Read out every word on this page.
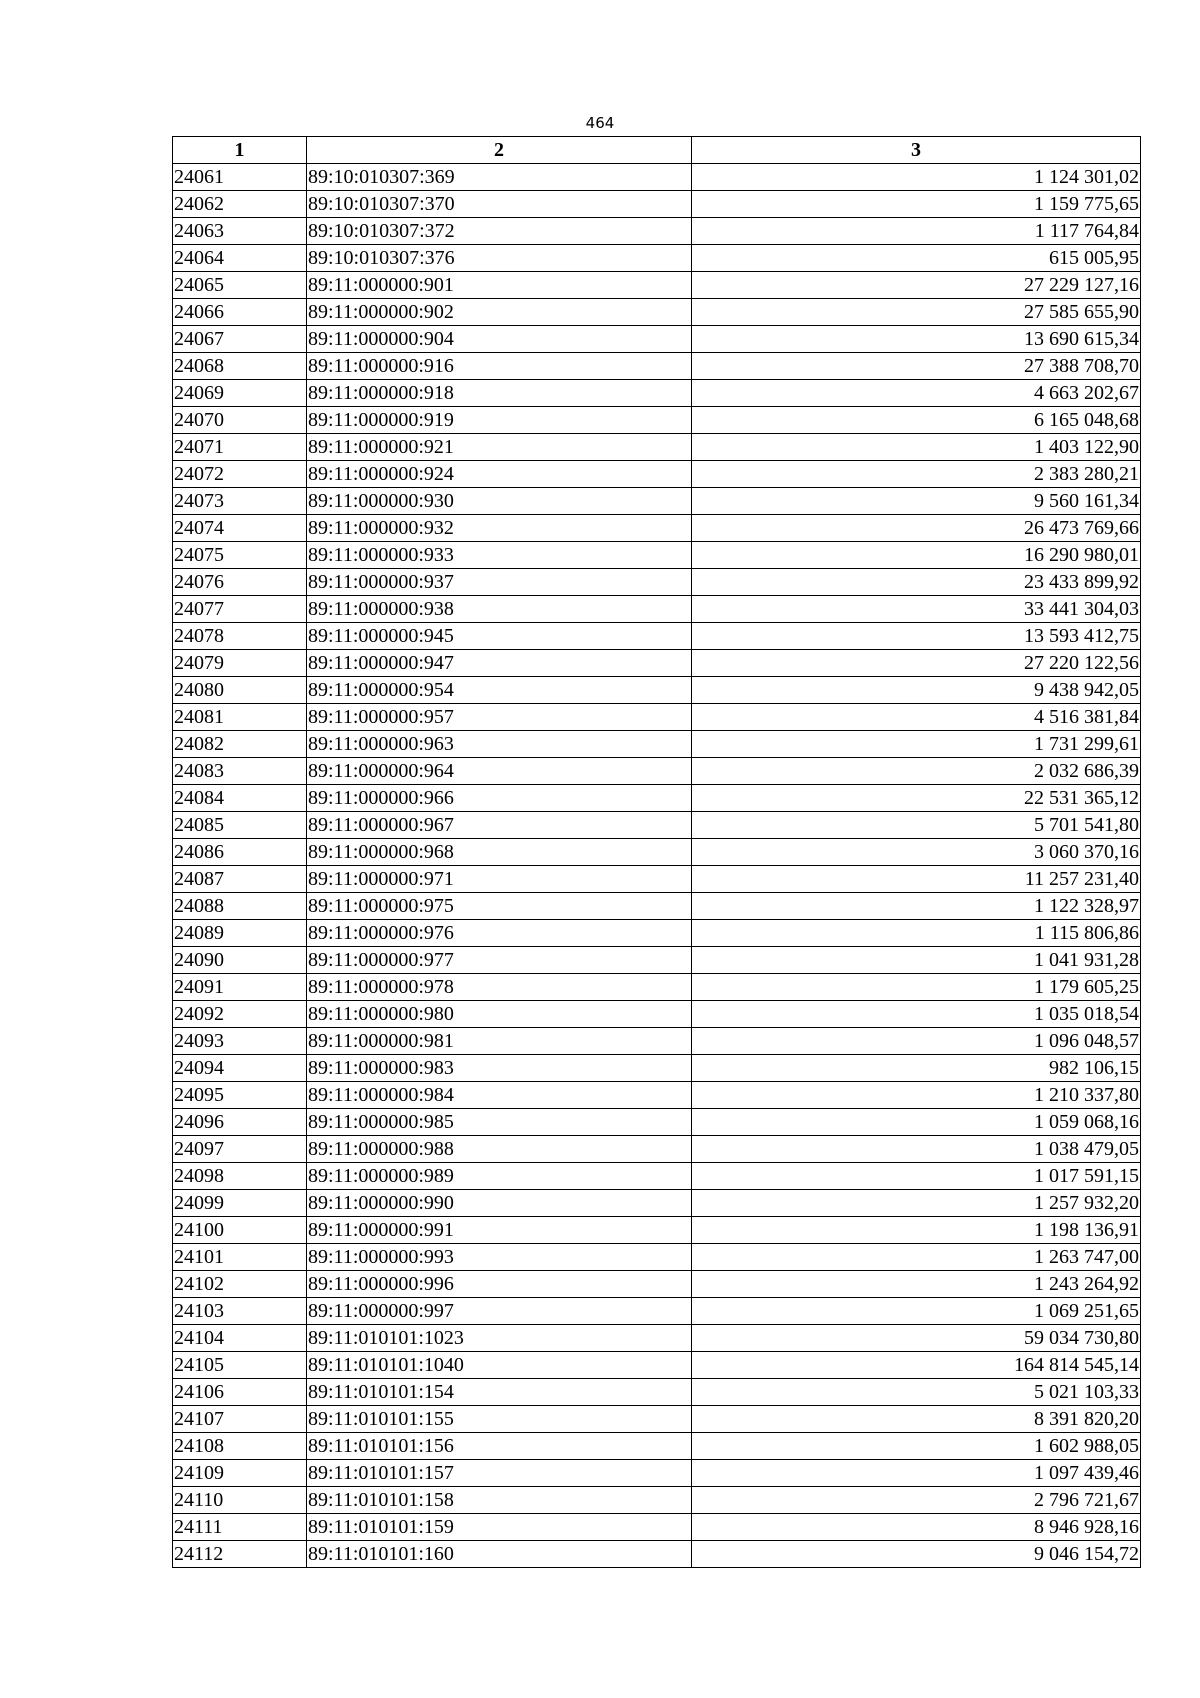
464
1	2	3
24061	89:10:010307:369	1 124 301,02
24062	89:10:010307:370	1 159 775,65
24063	89:10:010307:372	1 117 764,84
24064	89:10:010307:376	615 005,95
24065	89:11:000000:901	27 229 127,16
24066	89:11:000000:902	27 585 655,90
24067	89:11:000000:904	13 690 615,34
24068	89:11:000000:916	27 388 708,70
24069	89:11:000000:918	4 663 202,67
24070	89:11:000000:919	6 165 048,68
24071	89:11:000000:921	1 403 122,90
24072	89:11:000000:924	2 383 280,21
24073	89:11:000000:930	9 560 161,34
24074	89:11:000000:932	26 473 769,66
24075	89:11:000000:933	16 290 980,01
24076	89:11:000000:937	23 433 899,92
24077	89:11:000000:938	33 441 304,03
24078	89:11:000000:945	13 593 412,75
24079	89:11:000000:947	27 220 122,56
24080	89:11:000000:954	9 438 942,05
24081	89:11:000000:957	4 516 381,84
24082	89:11:000000:963	1 731 299,61
24083	89:11:000000:964	2 032 686,39
24084	89:11:000000:966	22 531 365,12
24085	89:11:000000:967	5 701 541,80
24086	89:11:000000:968	3 060 370,16
24087	89:11:000000:971	11 257 231,40
24088	89:11:000000:975	1 122 328,97
24089	89:11:000000:976	1 115 806,86
24090	89:11:000000:977	1 041 931,28
24091	89:11:000000:978	1 179 605,25
24092	89:11:000000:980	1 035 018,54
24093	89:11:000000:981	1 096 048,57
24094	89:11:000000:983	982 106,15
24095	89:11:000000:984	1 210 337,80
24096	89:11:000000:985	1 059 068,16
24097	89:11:000000:988	1 038 479,05
24098	89:11:000000:989	1 017 591,15
24099	89:11:000000:990	1 257 932,20
24100	89:11:000000:991	1 198 136,91
24101	89:11:000000:993	1 263 747,00
24102	89:11:000000:996	1 243 264,92
24103	89:11:000000:997	1 069 251,65
24104	89:11:010101:1023	59 034 730,80
24105	89:11:010101:1040	164 814 545,14
24106	89:11:010101:154	5 021 103,33
24107	89:11:010101:155	8 391 820,20
24108	89:11:010101:156	1 602 988,05
24109	89:11:010101:157	1 097 439,46
24110	89:11:010101:158	2 796 721,67
24111	89:11:010101:159	8 946 928,16
24112	89:11:010101:160	9 046 154,72
